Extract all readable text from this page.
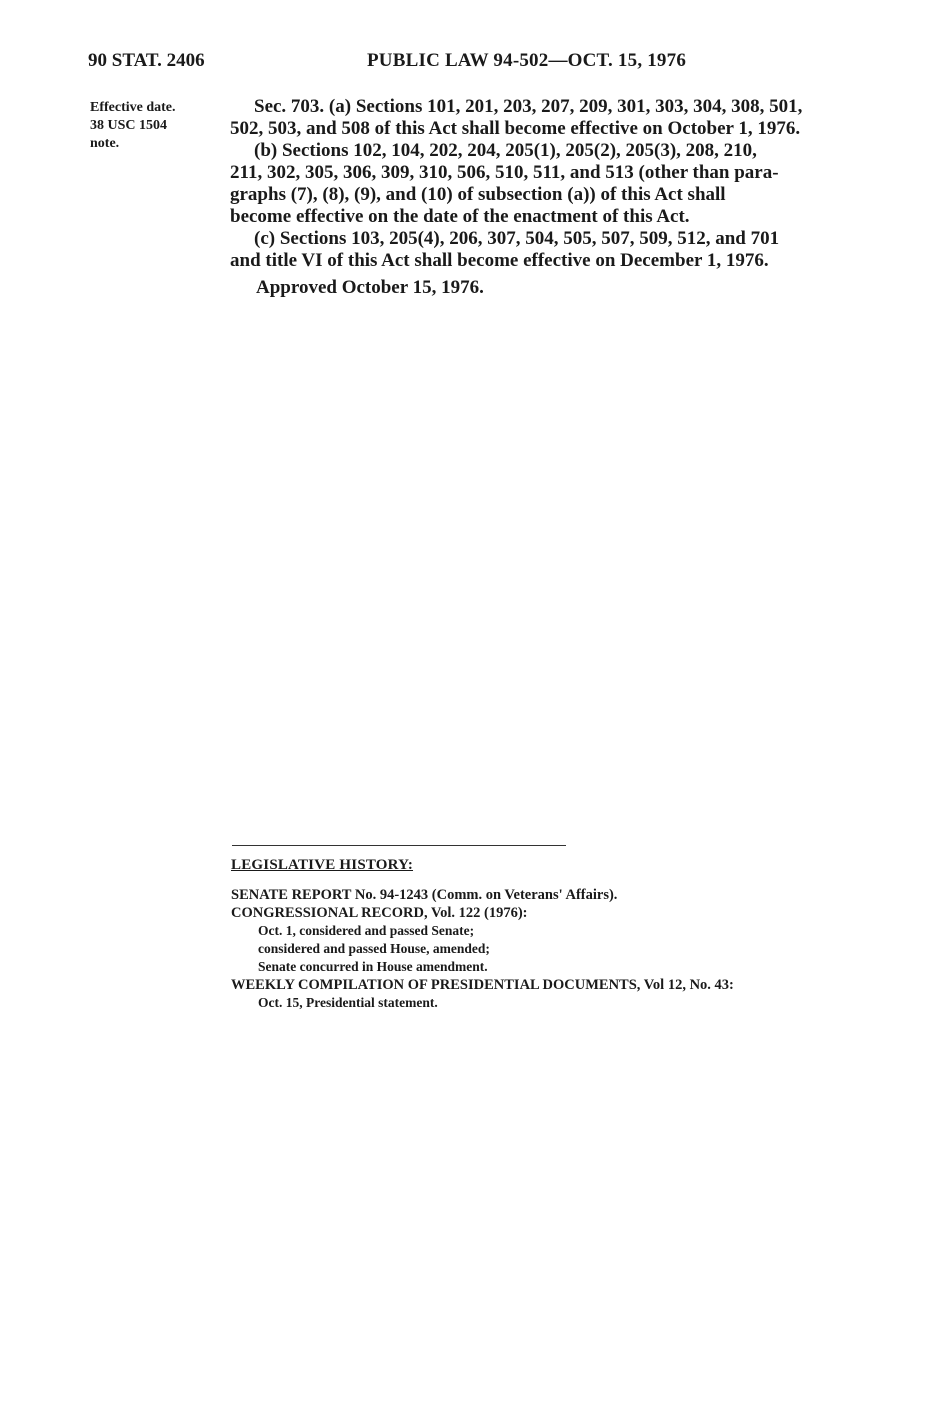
90 STAT. 2406	PUBLIC LAW 94-502—OCT. 15, 1976
Effective date.
38 USC 1504
note.
Sec. 703. (a) Sections 101, 201, 203, 207, 209, 301, 303, 304, 308, 501,
502, 503, and 508 of this Act shall become effective on October 1, 1976.
(b) Sections 102, 104, 202, 204, 205(1), 205(2), 205(3), 208, 210,
211, 302, 305, 306, 309, 310, 506, 510, 511, and 513 (other than para-
graphs (7), (8), (9), and (10) of subsection (a)) of this Act shall
become effective on the date of the enactment of this Act.
(c) Sections 103, 205(4), 206, 307, 504, 505, 507, 509, 512, and 701
and title VI of this Act shall become effective on December 1, 1976.
Approved October 15, 1976.
LEGISLATIVE HISTORY:
SENATE REPORT No. 94-1243 (Comm. on Veterans' Affairs).
CONGRESSIONAL RECORD, Vol. 122 (1976):
Oct. 1, considered and passed Senate;
considered and passed House, amended;
Senate concurred in House amendment.
WEEKLY COMPILATION OF PRESIDENTIAL DOCUMENTS, Vol 12, No. 43:
Oct. 15, Presidential statement.
